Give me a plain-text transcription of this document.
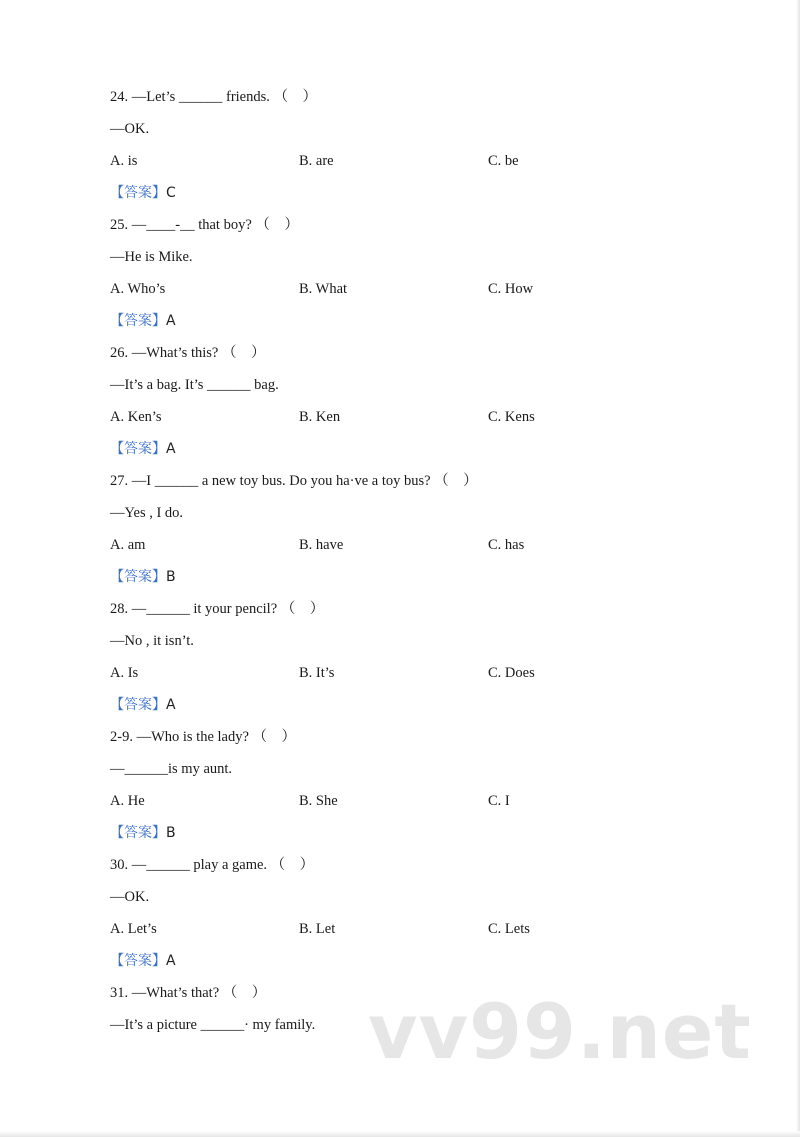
24. —Let’s ______ friends. （　）
—OK.
A. is	B. are	C. be
【答案】C
25. —____-__ that boy? （　）
—He is Mike.
A. Who’s	B. What	C. How
【答案】A
26. —What’s this? （　）
—It’s a bag. It’s ______ bag.
A. Ken’s	B. Ken	C. Kens
【答案】A
27. —I ______ a new toy bus. Do you ha·ve a toy bus? （　）
—Yes , I do.
A. am	B. have	C. has
【答案】B
28. —______ it your pencil? （　）
—No , it isn’t.
A. Is	B. It’s	C. Does
【答案】A
2-9. —Who is the lady? （　）
—______is my aunt.
A. He	B. She	C. I
【答案】B
30. —______ play a game. （　）
—OK.
A. Let’s	B. Let	C. Lets
【答案】A
31. —What’s that? （　）
—It’s a picture ______· my family. vv99.net
